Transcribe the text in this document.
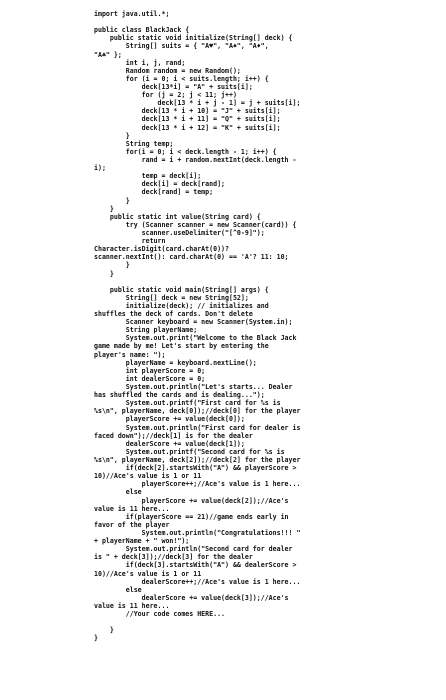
import java.util.*;
public class BlackJack {
public static void initialize(String[] deck) {
String[] suits = { "A♥", "A♠", "A♦",
"A♣" };
int i, j, rand;
Random random = new Random();
for (i = 0; i < suits.length; i++) {
deck[13*i] = "A" + suits[i];
for (j = 2; j < 11; j++)
deck[13 * i + j - 1] = j + suits[i];
deck[13 * i + 10] = "J" + suits[i];
deck[13 * i + 11] = "Q" + suits[i];
deck[13 * i + 12] = "K" + suits[i];
}
String temp;
for(i = 0; i < deck.length - 1; i++) {
rand = i + random.nextInt(deck.length -
i);
temp = deck[i];
deck[i] = deck[rand];
deck[rand] = temp;
}
}
public static int value(String card) {
try (Scanner scanner = new Scanner(card)) {
scanner.useDelimiter("[^0-9]");
return
Character.isDigit(card.charAt(0))?
scanner.nextInt(): card.charAt(0) == 'A'? 11: 10;
}
}
public static void main(String[] args) {
String[] deck = new String[52];
initialize(deck); // initializes and
shuffles the deck of cards. Don't delete
Scanner keyboard = new Scanner(System.in);
String playerName;
System.out.print("Welcome to the Black Jack
game made by me! Let's start by entering the
player's name: ");
playerName = keyboard.nextLine();
int playerScore = 0;
int dealerScore = 0;
System.out.println("Let's starts... Dealer
has shuffled the cards and is dealing...");
System.out.printf("First card for %s is
%s\n", playerName, deck[0]);//deck[0] for the player
playerScore += value(deck[0]);
System.out.println("First card for dealer is
faced down");//deck[1] is for the dealer
dealerScore += value(deck[1]);
System.out.printf("Second card for %s is
%s\n", playerName, deck[2]);//deck[2] for the player
if(deck[2].startsWith("A") && playerScore >
10)//Ace's value is 1 or 11
playerScore++;//Ace's value is 1 here...
else
playerScore += value(deck[2]);//Ace's
value is 11 here...
if(playerScore == 21)//game ends early in
favor of the player
System.out.println("Congratulations!!! "
+ playerName + " won!");
System.out.println("Second card for dealer
is " + deck[3]);//deck[3] for the dealer
if(deck[3].startsWith("A") && dealerScore >
10)//Ace's value is 1 or 11
dealerScore++;//Ace's value is 1 here...
else
dealerScore += value(deck[3]);//Ace's
value is 11 here...
//Your code comes HERE...
}
}
